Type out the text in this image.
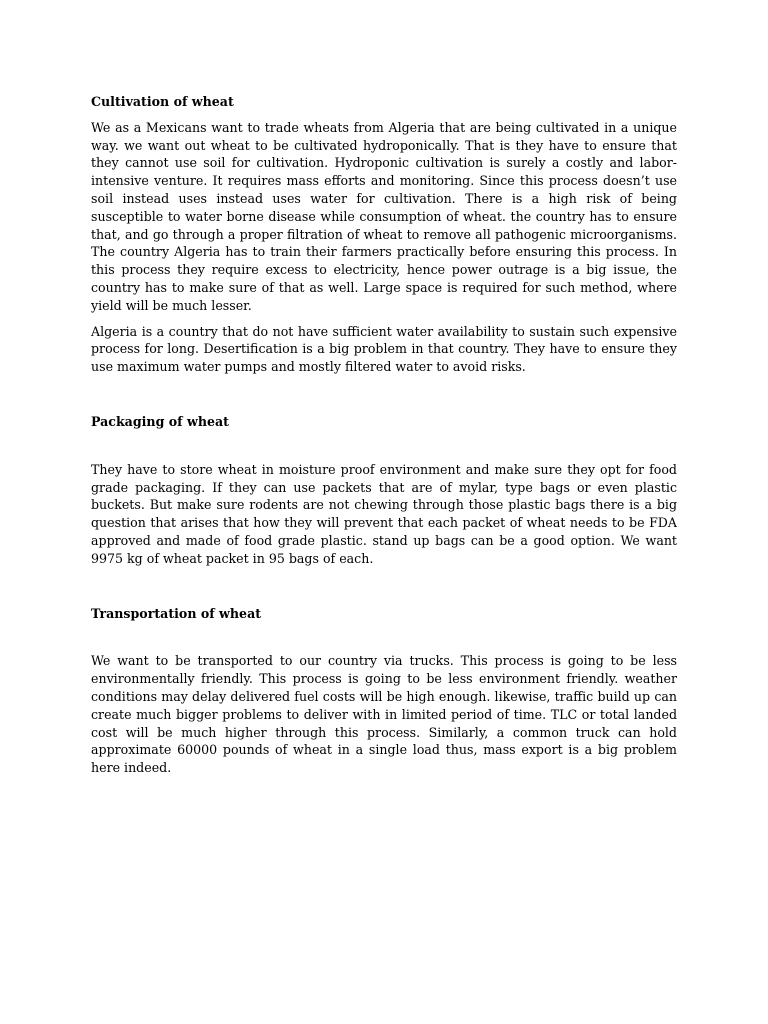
Cultivation of wheat

We as a Mexicans want to trade wheats from Algeria that are being cultivated in a unique way. we want out wheat to be cultivated hydroponically. That is they have to ensure that they cannot use soil for cultivation. Hydroponic cultivation is surely a costly and labor-intensive venture. It requires mass efforts and monitoring. Since this process doesn’t use soil instead uses instead uses water for cultivation. There is a high risk of being susceptible to water borne disease while consumption of wheat. the country has to ensure that, and go through a proper filtration of wheat to remove all pathogenic microorganisms. The country Algeria has to train their farmers practically before ensuring this process. In this process they require excess to electricity, hence power outrage is a big issue, the country has to make sure of that as well. Large space is required for such method, where yield will be much lesser.

Algeria is a country that do not have sufficient water availability to sustain such expensive process for long. Desertification is a big problem in that country. They have to ensure they use maximum water pumps and mostly filtered water to avoid risks.

Packaging of wheat

They have to store wheat in moisture proof environment and make sure they opt for food grade packaging. If they can use packets that are of mylar, type bags or even plastic buckets. But make sure rodents are not chewing through those plastic bags there is a big question that arises that how they will prevent that each packet of wheat needs to be FDA approved and made of food grade plastic. stand up bags can be a good option. We want 9975 kg of wheat packet in 95 bags of each.

Transportation of wheat

We want to be transported to our country via trucks. This process is going to be less environmentally friendly. This process is going to be less environment friendly. weather conditions may delay delivered fuel costs will be high enough. likewise, traffic build up can create much bigger problems to deliver with in limited period of time. TLC or total landed cost will be much higher through this process. Similarly, a common truck can hold approximate 60000 pounds of wheat in a single load thus, mass export is a big problem here indeed.
